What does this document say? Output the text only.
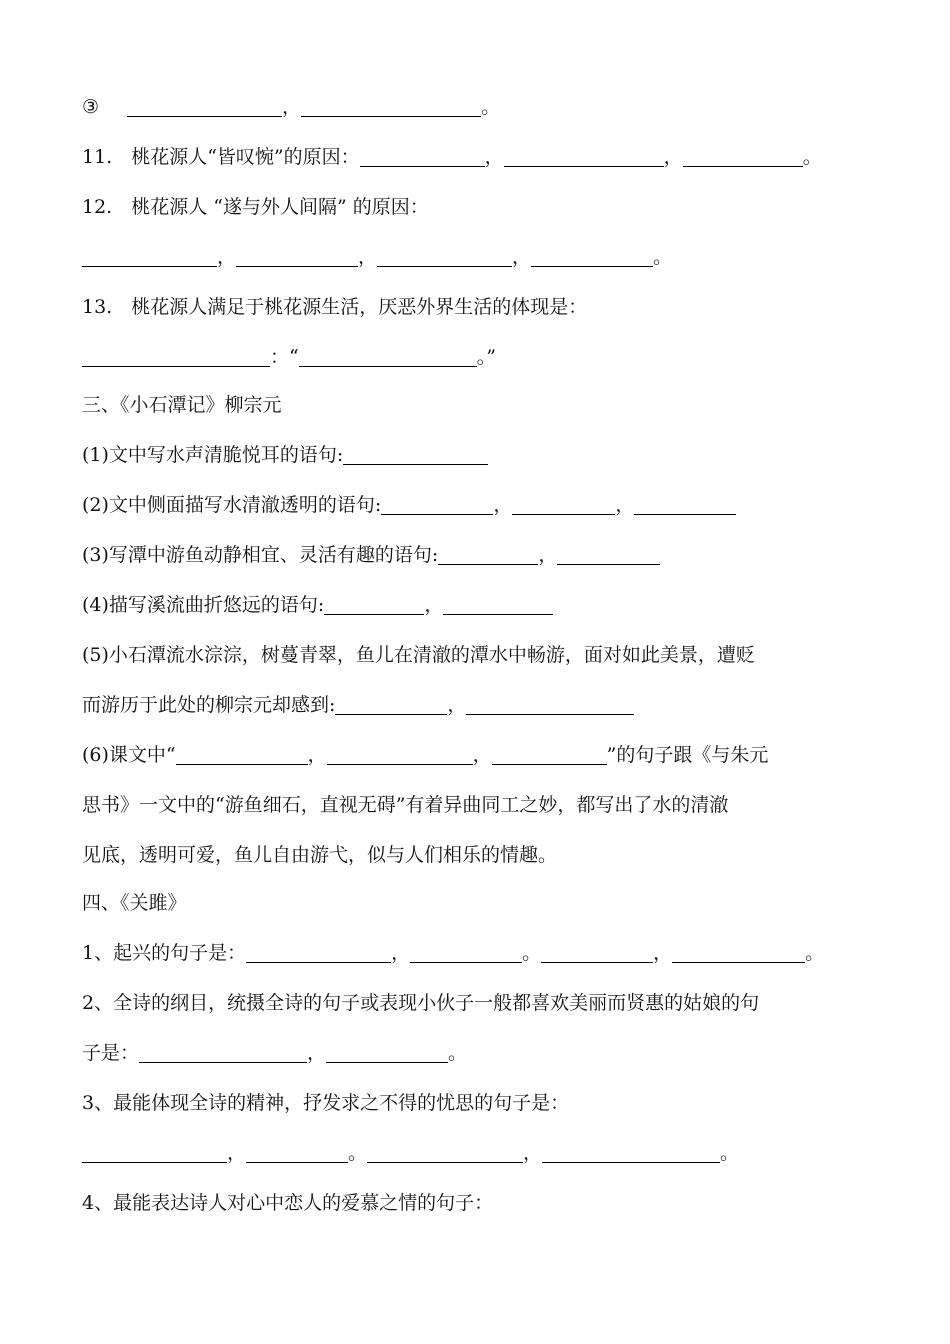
③	，	。
11.　桃花源人“皆叹惋”的原因：	，	，	。
12.　桃花源人 “遂与外人间隔” 的原因：
，	，	，	。
13.　桃花源人满足于桃花源生活，厌恶外界生活的体现是：
：“	。”
三、《小石潭记》柳宗元
(1)文中写水声清脆悦耳的语句:
(2)文中侧面描写水清澈透明的语句:	，	，
(3)写潭中游鱼动静相宜、灵活有趣的语句:	，
(4)描写溪流曲折悠远的语句:	，
(5)小石潭流水淙淙，树蔓青翠，鱼儿在清澈的潭水中畅游，面对如此美景，遭贬
而游历于此处的柳宗元却感到:	，
(6)课文中“	，	，	”的句子跟《与朱元
思书》一文中的“游鱼细石，直视无碍”有着异曲同工之妙，都写出了水的清澈
见底，透明可爱，鱼儿自由游弋，似与人们相乐的情趣。
四、《关雎》
1、起兴的句子是：	，	。	，	。
2、全诗的纲目，统摄全诗的句子或表现小伙子一般都喜欢美丽而贤惠的姑娘的句
子是：	，	。
3、最能体现全诗的精神，抒发求之不得的忧思的句子是：
，	。	，	。
4、最能表达诗人对心中恋人的爱慕之情的句子：
